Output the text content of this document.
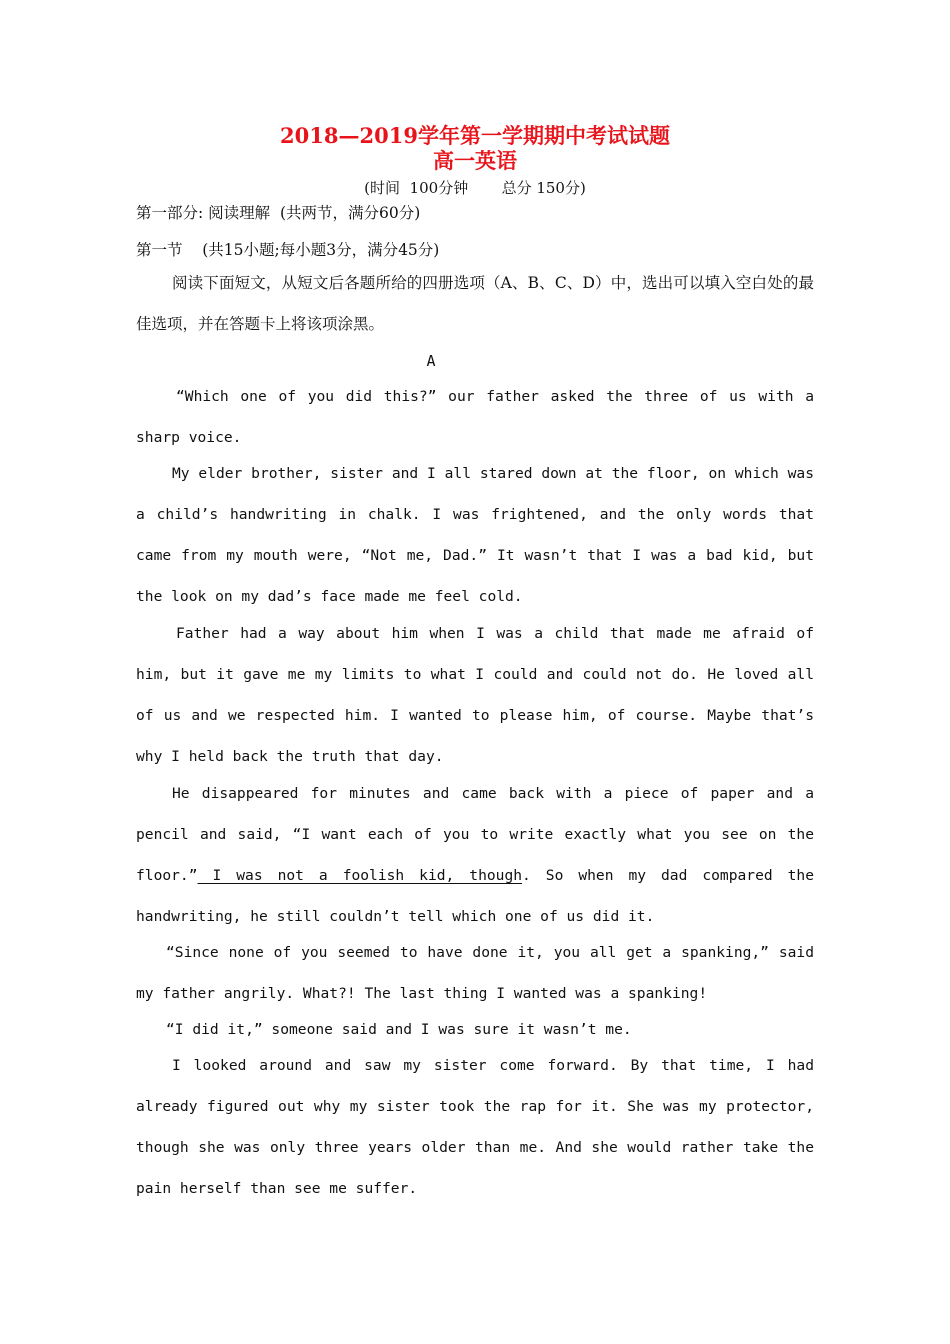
2018—2019学年第一学期期中考试试题
高一英语
(时间  100分钟       总分 150分)
第一部分: 阅读理解  (共两节，满分60分)
第一节    (共15小题;每小题3分，满分45分)
阅读下面短文，从短文后各题所给的四册选项（A、B、C、D）中，选出可以填入空白处的最佳选项，并在答题卡上将该项涂黑。
A
“Which one of you did this?” our father asked the three of us with a sharp voice.
My elder brother, sister and I all stared down at the floor, on which was a child’s handwriting in chalk. I was frightened, and the only words that came from my mouth were, “Not me, Dad.” It wasn’t that I was a bad kid, but the look on my dad’s face made me feel cold.
Father had a way about him when I was a child that made me afraid of him, but it gave me my limits to what I could and could not do. He loved all of us and we respected him. I wanted to please him, of course. Maybe that’s why I held back the truth that day.
He disappeared for minutes and came back with a piece of paper and a pencil and said, “I want each of you to write exactly what you see on the floor.” I was not a foolish kid, though. So when my dad compared the handwriting, he still couldn’t tell which one of us did it.
“Since none of you seemed to have done it, you all get a spanking,” said my father angrily. What?! The last thing I wanted was a spanking!
“I did it,” someone said and I was sure it wasn’t me.
I looked around and saw my sister come forward. By that time, I had already figured out why my sister took the rap for it. She was my protector, though she was only three years older than me. And she would rather take the pain herself than see me suffer.
